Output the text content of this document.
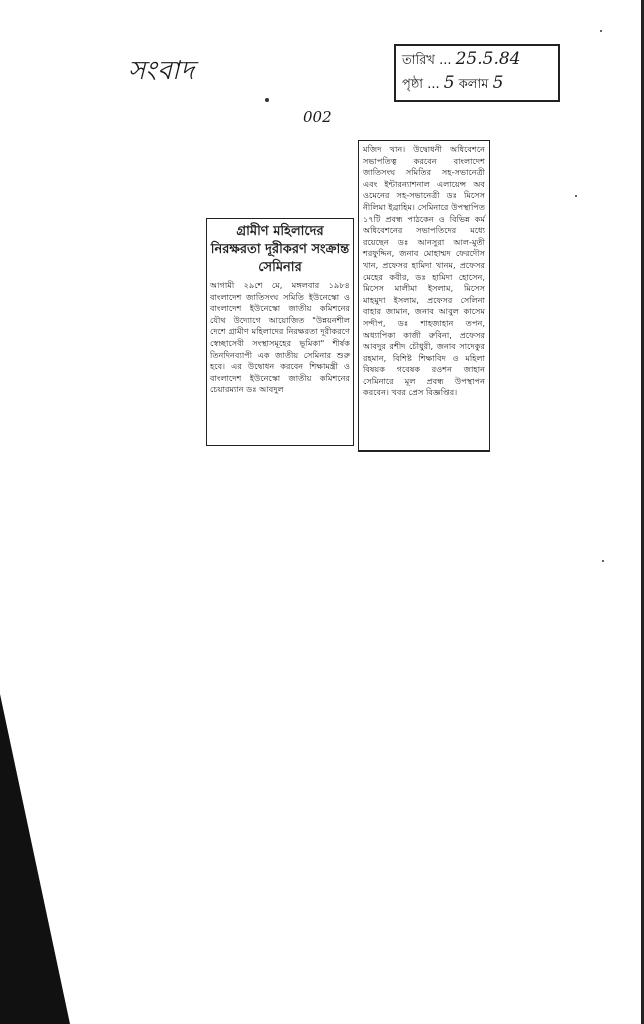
সংবাদ	তারিখ ... 25.5.84
পৃষ্ঠা ... 5 কলাম 5
002
গ্রামীণ মহিলাদের নিরক্ষরতা দূরীকরণ সংক্রান্ত সেমিনার
আগামী ২৯শে মে, মঙ্গলবার ১৯৮৪ বাংলাদেশ জাতিসংঘ সমিতি ইউনেস্কো ও বাংলাদেশ ইউনেস্কো জাতীয় কমিশনের যৌথ উদ্যোগে আয়োজিত "উন্নয়নশীল দেশে গ্রামীণ মহিলাদের নিরক্ষরতা দূরীকরণে স্বেচ্ছাসেবী সংস্থাসমূহের ভূমিকা" শীর্ষক তিনদিনব্যাপী এক জাতীয় সেমিনার শুরু হবে। এর উদ্বোধন করবেন শিক্ষামন্ত্রী ও বাংলাদেশ ইউনেস্কো জাতীয় কমিশনের চেয়ারম্যান ডঃ আবদুল
মজিদ খান। উদ্বোধনী অধিবেশনে সভাপতিত্ব করবেন বাংলাদেশ জাতিসংঘ সমিতির সহ-সভানেত্রী এবং ইন্টারন্যাশনাল এলায়েন্স অব ওমেনের সহ-সভানেত্রী ডঃ মিসেস নীলিমা ইব্রাহিম। সেমিনারে উপস্থাপিত ১৭টি প্রবন্ধ পাঠকেন ও বিভিন্ন কর্ম অধিবেশনের সভাপতিদের মধ্যে রয়েছেন ডঃ আনসুরা আল-মুতী শরফুদ্দিন, জনাব মোহাম্মদ ফেরদৌস খান, প্রফেসর হামিদা খানম, প্রফেসর মেহের কবীর, ডঃ হামিদা হোসেন, মিসেস মালীমা ইসলাম, মিসেস মাহমুদা ইসলাম, প্রফেসর সেলিনা বাহার জামান, জনাব আবুল কাসেম সন্দীপ, ডঃ শাহজাহান তপন, অধ্যাপিকা কাজী রুবিনা, প্রফেসর আবদুর রশীদ চৌধুরী, জনাব সাদেকুর রহমান, বিশিষ্ট শিক্ষাবিদ ও মহিলা বিষয়ক গবেষক রওশন জাহান সেমিনারে মূল প্রবন্ধ উপস্থাপন করবেন। খবর প্রেস বিজ্ঞপ্তির।
